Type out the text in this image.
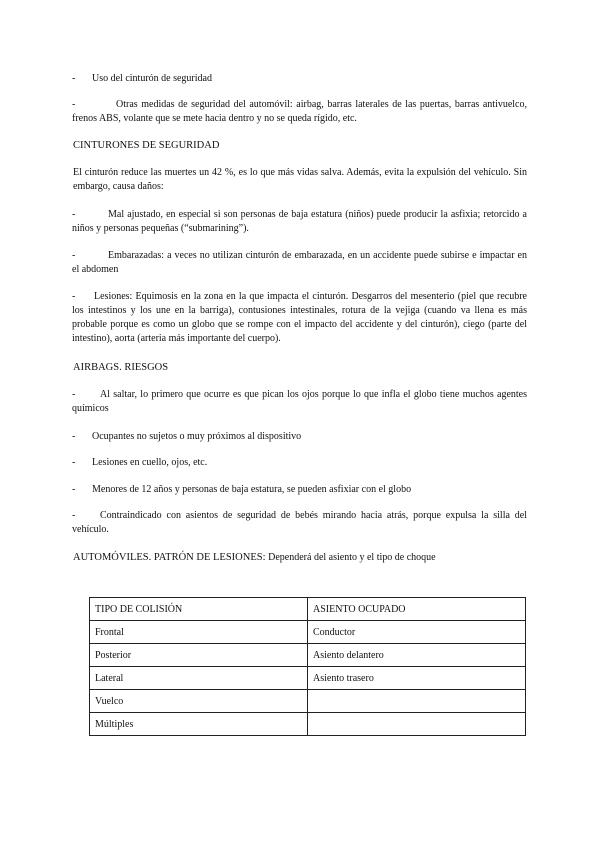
-	Uso del cinturón de seguridad
-	Otras medidas de seguridad del automóvil: airbag, barras laterales de las puertas, barras antivuelco, frenos ABS, volante que se mete hacia dentro y no se queda rígido, etc.
CINTURONES DE SEGURIDAD
El cinturón reduce las muertes un 42 %, es lo que más vidas salva. Además, evita la expulsión del vehículo. Sin embargo, causa daños:
-	Mal ajustado, en especial si son personas de baja estatura (niños) puede producir la asfixia; retorcido a niños y personas pequeñas (“submarining”).
-	Embarazadas: a veces no utilizan cinturón de embarazada, en un accidente puede subirse e impactar en el abdomen
-	Lesiones: Equimosis en la zona en la que impacta el cinturón. Desgarros del mesenterio (piel que recubre los intestinos y los une en la barriga), contusiones intestinales, rotura de la vejiga (cuando va llena es más probable porque es como un globo que se rompe con el impacto del accidente y del cinturón), ciego (parte del intestino), aorta (arteria más importante del cuerpo).
AIRBAGS. RIESGOS
-	Al saltar, lo primero que ocurre es que pican los ojos porque lo que infla el globo tiene muchos agentes químicos
-	Ocupantes no sujetos o muy próximos al dispositivo
-	Lesiones en cuello, ojos, etc.
-	Menores de 12 años y personas de baja estatura, se pueden asfixiar con el globo
-	Contraindicado con asientos de seguridad de bebés mirando hacia atrás, porque expulsa la silla del vehículo.
AUTOMÓVILES. PATRÓN DE LESIONES: Dependerá del asiento y el tipo de choque
TIPO DE COLISIÓN	ASIENTO OCUPADO
Frontal	Conductor
Posterior	Asiento delantero
Lateral	Asiento trasero
Vuelco	
Múltiples	
